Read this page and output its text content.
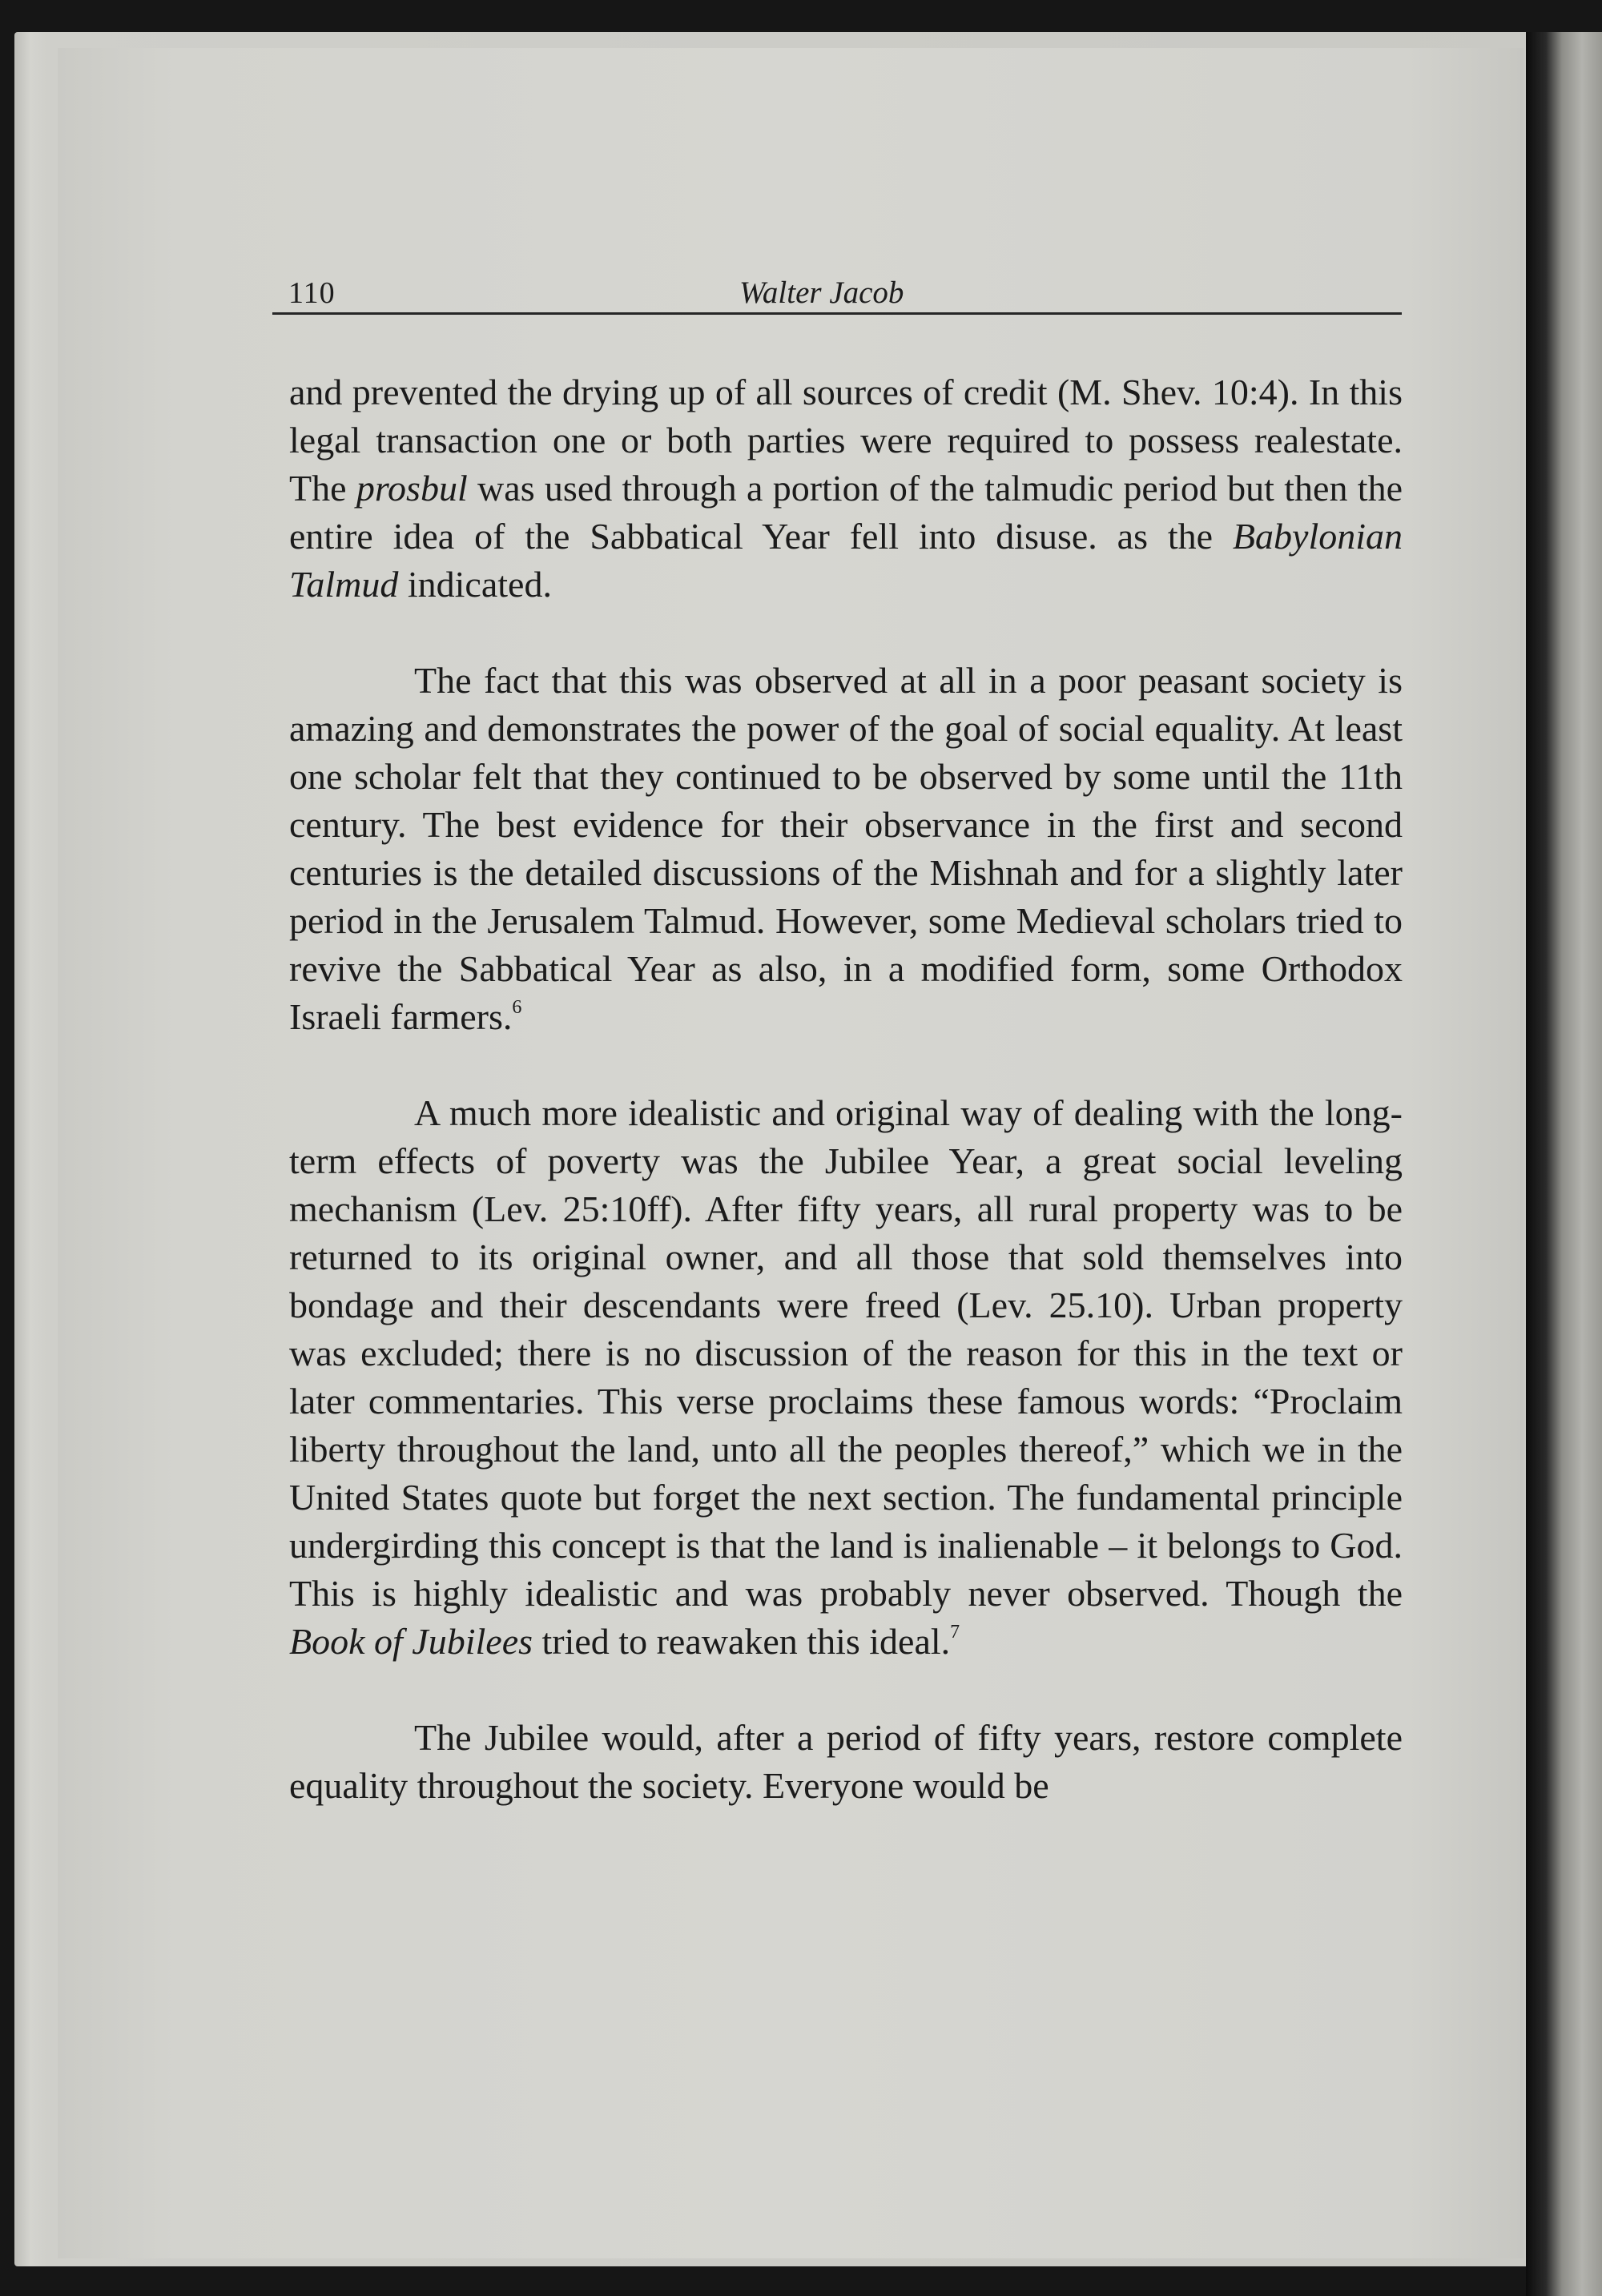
110	Walter Jacob

and prevented the drying up of all sources of credit (M. Shev. 10:4). In this legal transaction one or both parties were required to possess realestate. The prosbul was used through a portion of the talmudic period but then the entire idea of the Sabbatical Year fell into disuse. as the Babylonian Talmud indicated.

The fact that this was observed at all in a poor peasant society is amazing and demonstrates the power of the goal of social equality. At least one scholar felt that they continued to be observed by some until the 11th century. The best evidence for their observance in the first and second centuries is the detailed discussions of the Mishnah and for a slightly later period in the Jerusalem Talmud. However, some Medieval scholars tried to revive the Sabbatical Year as also, in a modified form, some Orthodox Israeli farmers.$^6$

A much more idealistic and original way of dealing with the long-term effects of poverty was the Jubilee Year, a great social leveling mechanism (Lev. 25:10ff). After fifty years, all rural property was to be returned to its original owner, and all those that sold themselves into bondage and their descendants were freed (Lev. 25.10). Urban property was excluded; there is no discussion of the reason for this in the text or later commentaries. This verse proclaims these famous words: “Proclaim liberty throughout the land, unto all the peoples thereof,” which we in the United States quote but forget the next section. The fundamental principle undergirding this concept is that the land is inalienable – it belongs to God. This is highly idealistic and was probably never observed. Though the Book of Jubilees tried to reawaken this ideal.$^7$

The Jubilee would, after a period of fifty years, restore complete equality throughout the society. Everyone would be
